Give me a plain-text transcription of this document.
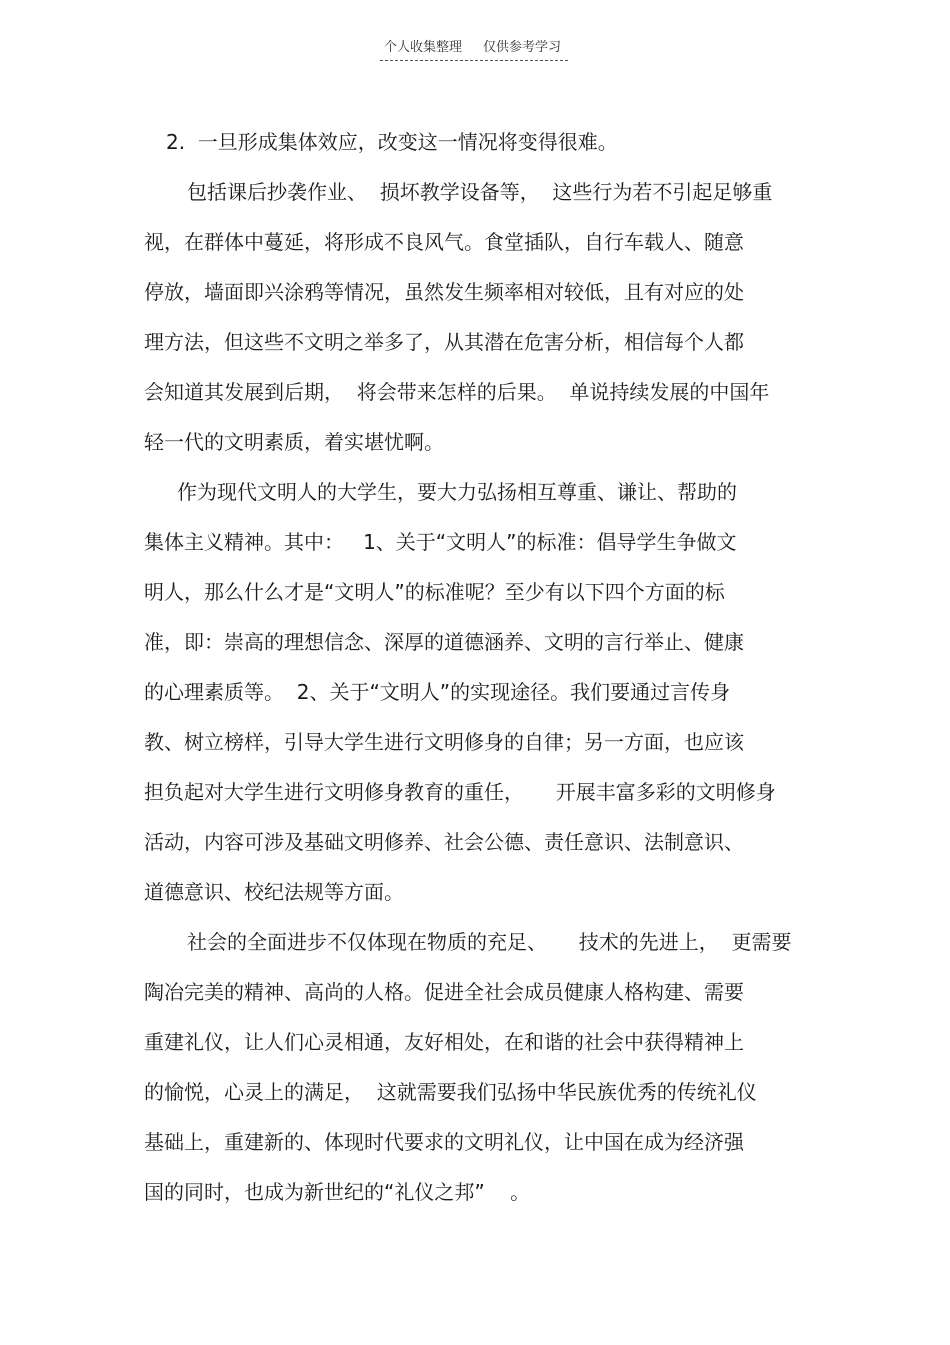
个人收集整理 仅供参考学习
2.  一旦形成集体效应，改变这一情况将变得很难。
包括课后抄袭作业、  损坏教学设备等，  这些行为若不引起足够重
视，在群体中蔓延，将形成不良风气。食堂插队，自行车载人、随意
停放，墙面即兴涂鸦等情况，虽然发生频率相对较低，且有对应的处
理方法，但这些不文明之举多了，从其潜在危害分析，相信每个人都
会知道其发展到后期，  将会带来怎样的后果。  单说持续发展的中国年
轻一代的文明素质，着实堪忧啊。
作为现代文明人的大学生，要大力弘扬相互尊重、谦让、帮助的
集体主义精神。其中：   1、关于“文明人”的标准：倡导学生争做文
明人，那么什么才是“文明人”的标准呢？至少有以下四个方面的标
准，即：崇高的理想信念、深厚的道德涵养、文明的言行举止、健康
的心理素质等。  2、关于“文明人”的实现途径。我们要通过言传身
教、树立榜样，引导大学生进行文明修身的自律；另一方面，也应该
担负起对大学生进行文明修身教育的重任，     开展丰富多彩的文明修身
活动，内容可涉及基础文明修养、社会公德、责任意识、法制意识、
道德意识、校纪法规等方面。
社会的全面进步不仅体现在物质的充足、     技术的先进上，  更需要
陶冶完美的精神、高尚的人格。促进全社会成员健康人格构建、需要
重建礼仪，让人们心灵相通，友好相处，在和谐的社会中获得精神上
的愉悦，心灵上的满足，  这就需要我们弘扬中华民族优秀的传统礼仪
基础上，重建新的、体现时代要求的文明礼仪，让中国在成为经济强
国的同时，也成为新世纪的“礼仪之邦”    。
